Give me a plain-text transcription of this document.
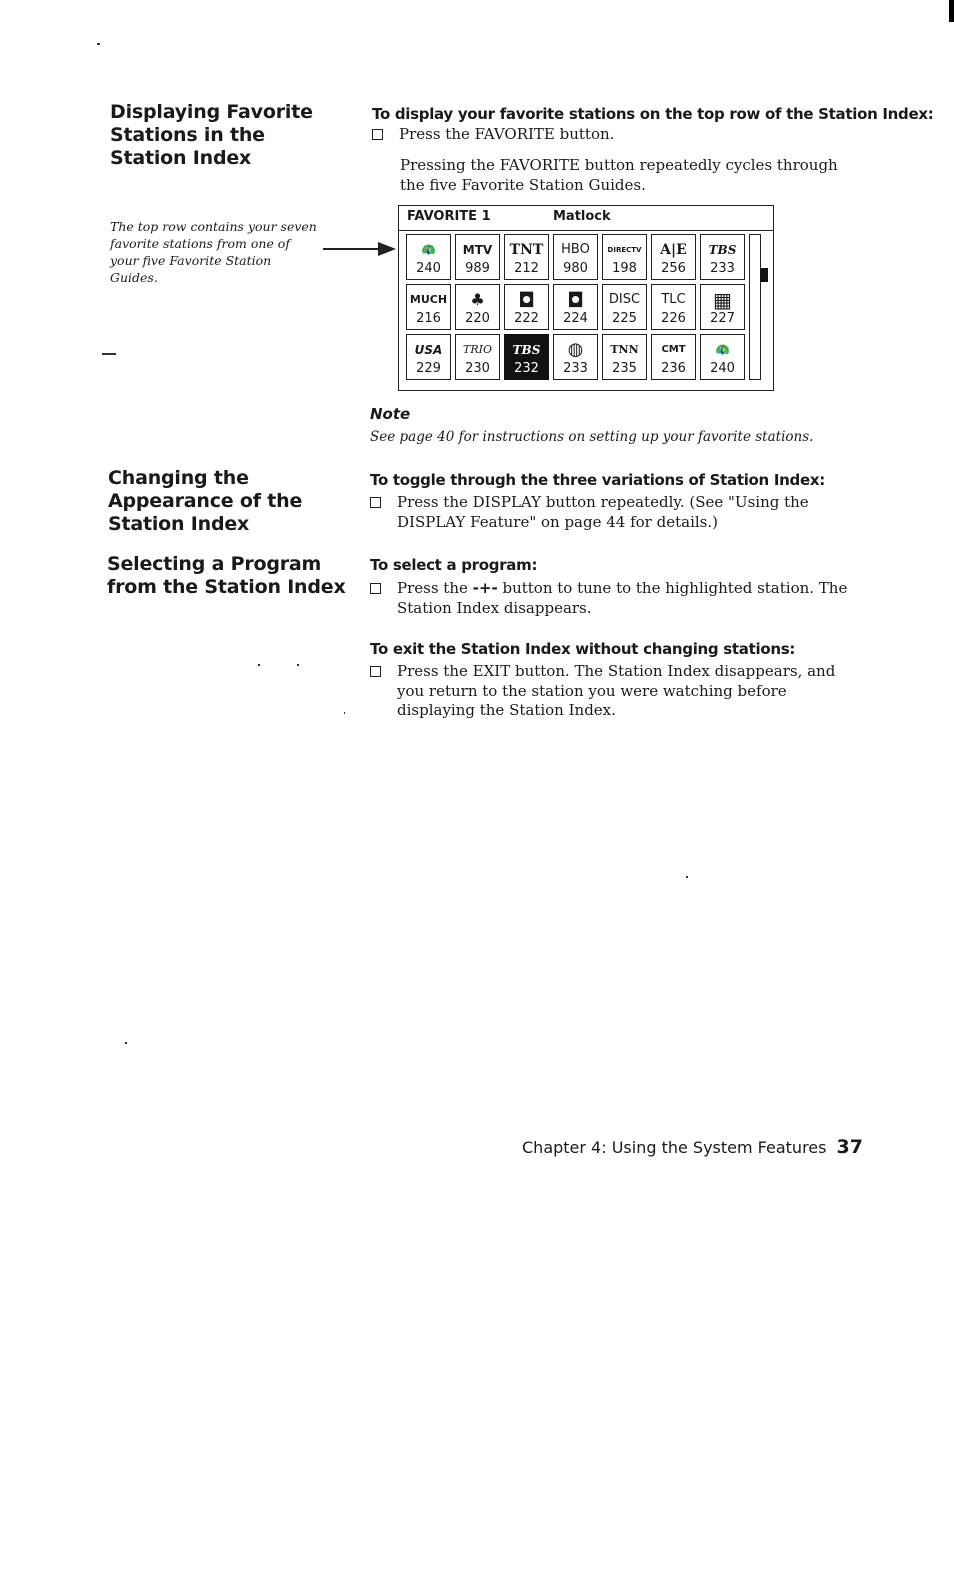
Displaying Favorite Stations in the Station Index
To display your favorite stations on the top row of the Station Index:
Press the FAVORITE button.
Pressing the FAVORITE button repeatedly cycles through the five Favorite Station Guides.
The top row contains your seven favorite stations from one of your five Favorite Station Guides.
FAVORITE 1	Matlock
🦚
240
MTV
989
TNT
212
HBO
980
DIRECTV
198
A|E
256
TBS
233
MUCH
216
♣
220
◘
222
◘
224
DISC
225
TLC
226
▦
227
USA
229
TRIO
230
TBS
232
◍
233
TNN
235
CMT
236
🦚
240
Note
See page 40 for instructions on setting up your favorite stations.
Changing the Appearance of the Station Index
To toggle through the three variations of Station Index:
Press the DISPLAY button repeatedly. (See "Using the DISPLAY Feature" on page 44 for details.)
Selecting a Program from the Station Index
To select a program:
Press the -+- button to tune to the highlighted station. The Station Index disappears.
To exit the Station Index without changing stations:
Press the EXIT button. The Station Index disappears, and you return to the station you were watching before displaying the Station Index.
Chapter 4: Using the System Features 37
